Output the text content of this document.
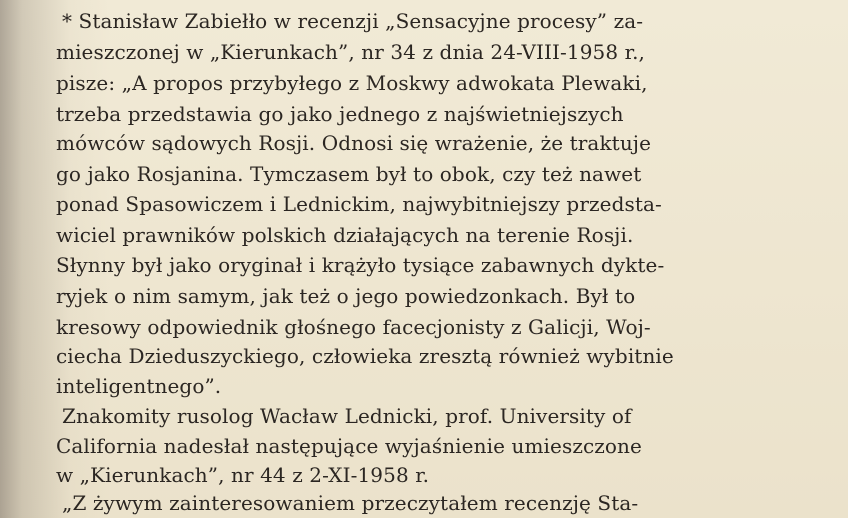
* Stanisław Zabiełło w recenzji „Sensacyjne procesy” za-

mieszczonej w „Kierunkach”, nr 34 z dnia 24-VIII-1958 r.,

pisze: „A propos przybyłego z Moskwy adwokata Plewaki,

trzeba przedstawia go jako jednego z najświetniejszych

mówców sądowych Rosji. Odnosi się wrażenie, że traktuje

go jako Rosjanina. Tymczasem był to obok, czy też nawet

ponad Spasowiczem i Lednickim, najwybitniejszy przedsta-

wiciel prawników polskich działających na terenie Rosji.

Słynny był jako oryginał i krążyło tysiące zabawnych dykte-

ryjek o nim samym, jak też o jego powiedzonkach. Był to

kresowy odpowiednik głośnego facecjonisty z Galicji, Woj-

ciecha Dzieduszyckiego, człowieka zresztą również wybitnie

inteligentnego”.

Znakomity rusolog Wacław Lednicki, prof. University of

California nadesłał następujące wyjaśnienie umieszczone

w „Kierunkach”, nr 44 z 2-XI-1958 r.

„Z żywym zainteresowaniem przeczytałem recenzję Sta-
